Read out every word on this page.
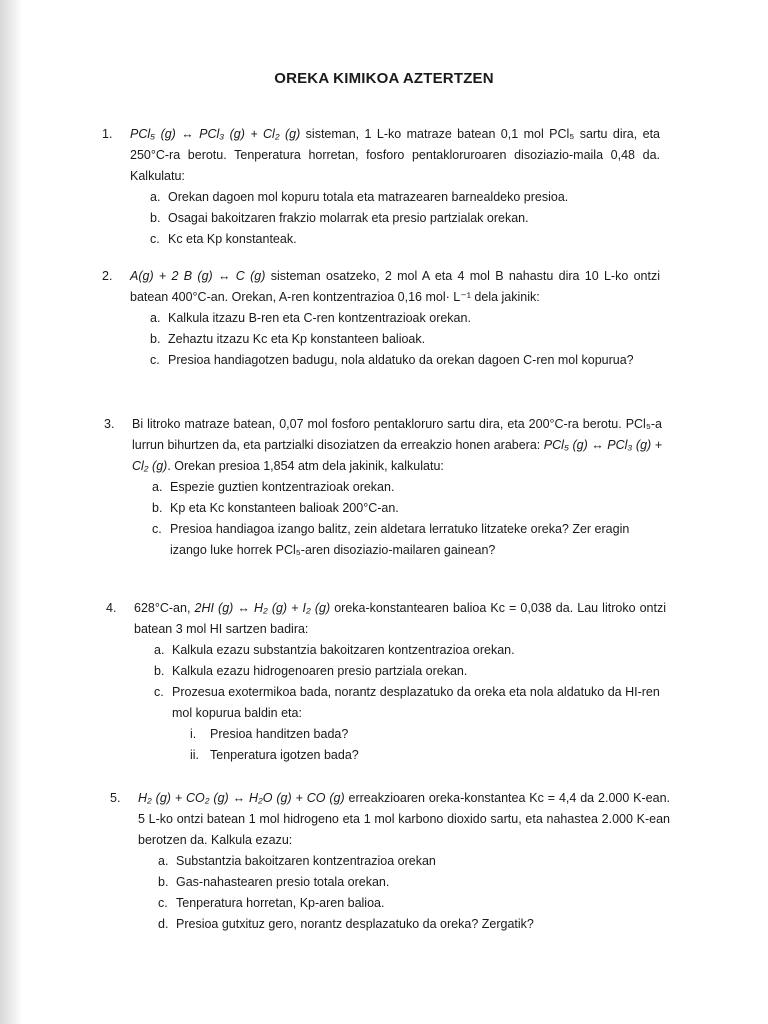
OREKA KIMIKOA AZTERTZEN
1.	PCl₅ (g) ↔ PCl₃ (g) + Cl₂ (g) sisteman, 1 L-ko matraze batean 0,1 mol PCl₅ sartu dira, eta 250°C-ra berotu. Tenperatura horretan, fosforo pentakloruroaren disoziazio-maila 0,48 da. Kalkulatu:
a. Orekan dagoen mol kopuru totala eta matrazearen barnealdeko presioa.
b. Osagai bakoitzaren frakzio molarrak eta presio partzialak orekan.
c. Kc eta Kp konstanteak.
2.	A(g) + 2 B (g) ↔ C (g) sisteman osatzeko, 2 mol A eta 4 mol B nahastu dira 10 L-ko ontzi batean 400°C-an. Orekan, A-ren kontzentrazioa 0,16 mol· L⁻¹ dela jakinik:
a. Kalkula itzazu B-ren eta C-ren kontzentrazioak orekan.
b. Zehaztu itzazu Kc eta Kp konstanteen balioak.
c. Presioa handiagotzen badugu, nola aldatuko da orekan dagoen C-ren mol kopurua?
3.	Bi litroko matraze batean, 0,07 mol fosforo pentakloruro sartu dira, eta 200°C-ra berotu. PCl₅-a lurrun bihurtzen da, eta partzialki disoziatzen da erreakzio honen arabera: PCl₅ (g) ↔ PCl₃ (g) + Cl₂ (g). Orekan presioa 1,854 atm dela jakinik, kalkulatu:
a. Espezie guztien kontzentrazioak orekan.
b. Kp eta Kc konstanteen balioak 200°C-an.
c. Presioa handiagoa izango balitz, zein aldetara lerratuko litzateke oreka? Zer eragin izango luke horrek PCl₅-aren disoziazio-mailaren gainean?
4.	628°C-an, 2HI (g) ↔ H₂ (g) + I₂ (g) oreka-konstantearen balioa Kc = 0,038 da. Lau litroko ontzi batean 3 mol HI sartzen badira:
a. Kalkula ezazu substantzia bakoitzaren kontzentrazioa orekan.
b. Kalkula ezazu hidrogenoaren presio partziala orekan.
c. Prozesua exotermikoa bada, norantz desplazatuko da oreka eta nola aldatuko da HI-ren mol kopurua baldin eta:
i. Presioa handitzen bada?
ii. Tenperatura igotzen bada?
5.	H₂ (g) + CO₂ (g) ↔ H₂O (g) + CO (g) erreakzioaren oreka-konstantea Kc = 4,4 da 2.000 K-ean. 5 L-ko ontzi batean 1 mol hidrogeno eta 1 mol karbono dioxido sartu, eta nahastea 2.000 K-ean berotzen da. Kalkula ezazu:
a. Substantzia bakoitzaren kontzentrazioa orekan
b. Gas-nahastearen presio totala orekan.
c. Tenperatura horretan, Kp-aren balioa.
d. Presioa gutxituz gero, norantz desplazatuko da oreka? Zergatik?
